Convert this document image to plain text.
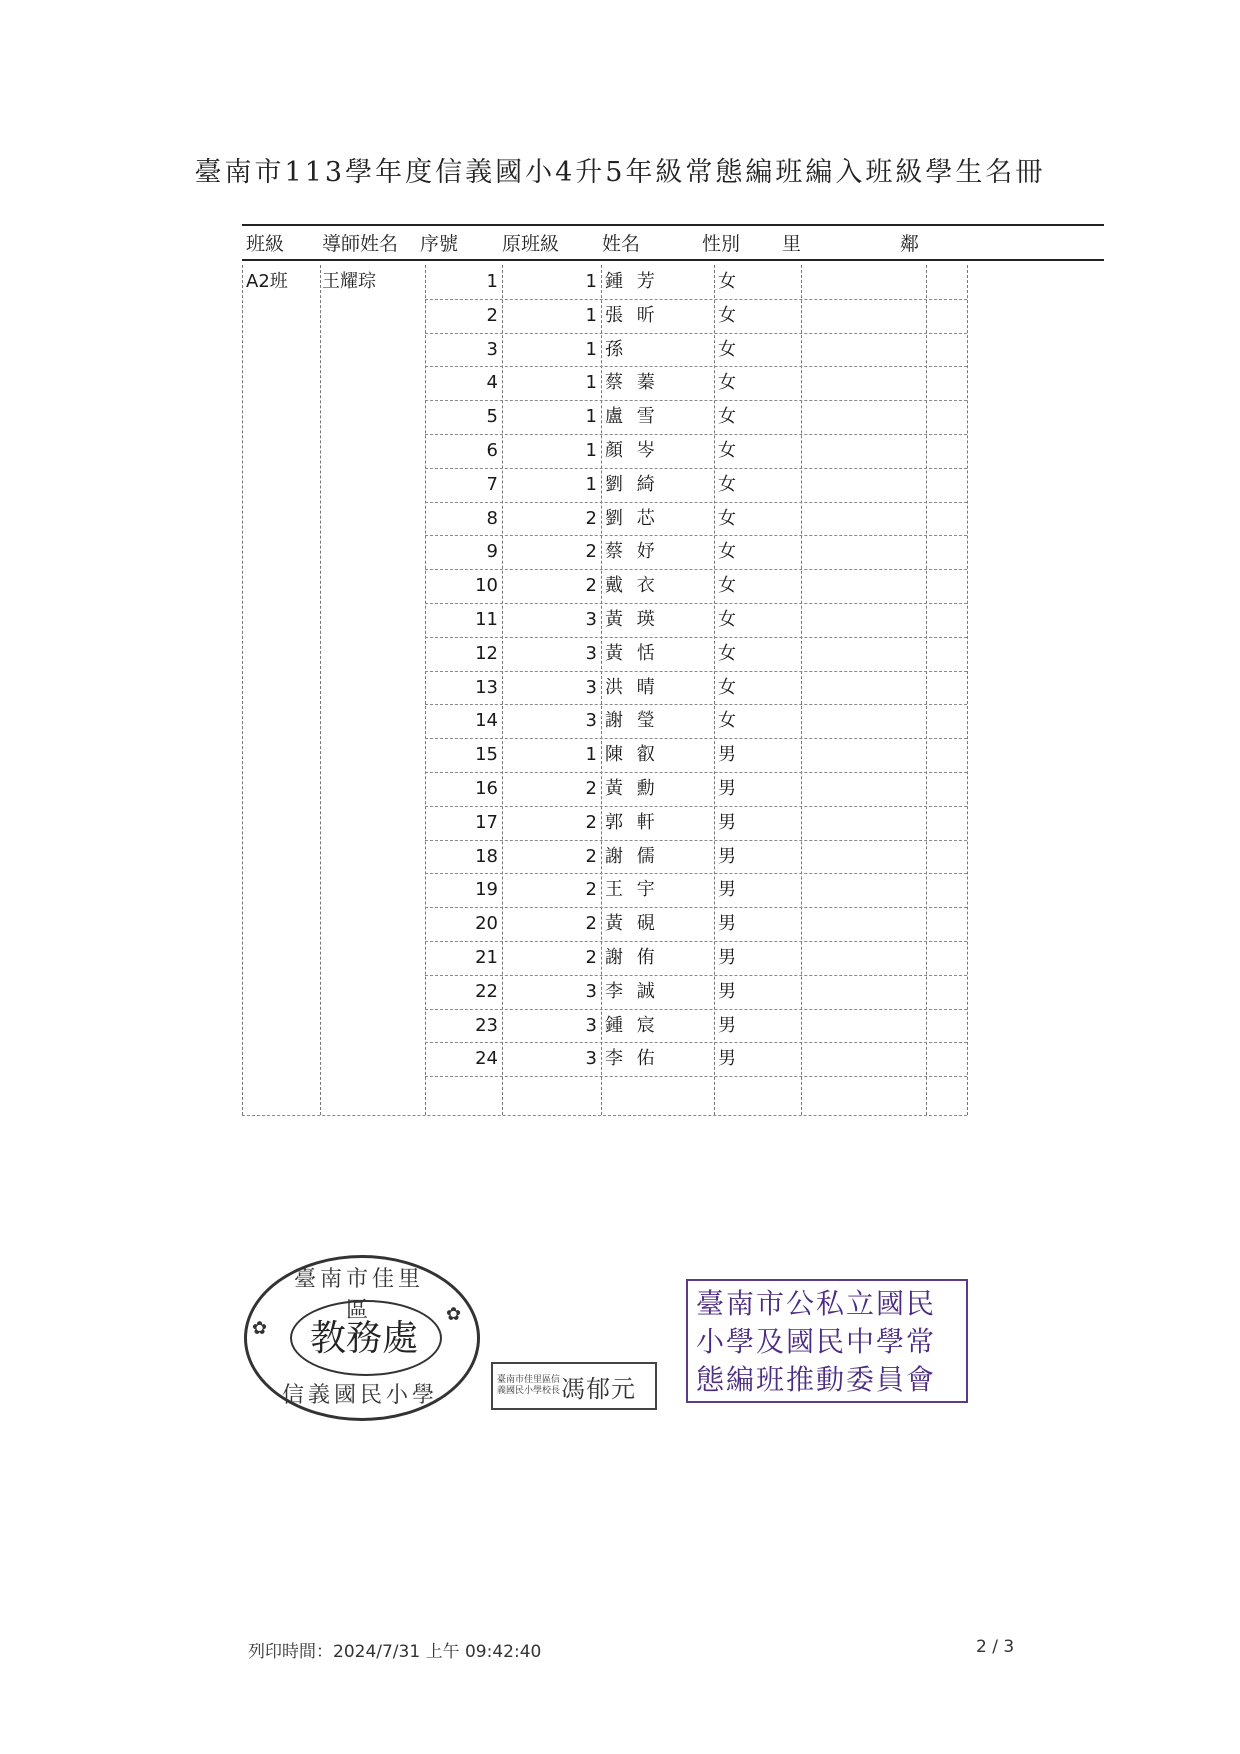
臺南市113學年度信義國小4升5年級常態編班編入班級學生名冊
班級 導師姓名 序號 原班級 姓名	性別 里	鄰
A2班 王耀琮	1	1 鍾 芳	女
2	1 張 昕	女
3	1 孫	女
4	1 蔡 蓁	女
5	1 盧 雪	女
6	1 顏 岑	女
7	1 劉 綺	女
8	2 劉 芯	女
9	2 蔡 妤	女
10	2 戴 衣	女
11	3 黃 瑛	女
12	3 黃 恬	女
13	3 洪 晴	女
14	3 謝 瑩	女
15	1 陳 叡	男
16	2 黃 勳	男
17	2 郭 軒	男
18	2 謝 儒	男
19	2 王 宇	男
20	2 黃 硯	男
21	2 謝 侑	男
22	3 李 誠	男
23	3 鍾 宸	男
24	3 李 佑	男
臺南市佳里區
教務處
信義國民小學
✿
✿
臺南市佳里區信義國民小學校長 馮郁元
臺南市公私立國民
小學及國民中學常
態編班推動委員會
列印時間：2024/7/31 上午 09:42:40	2 / 3
